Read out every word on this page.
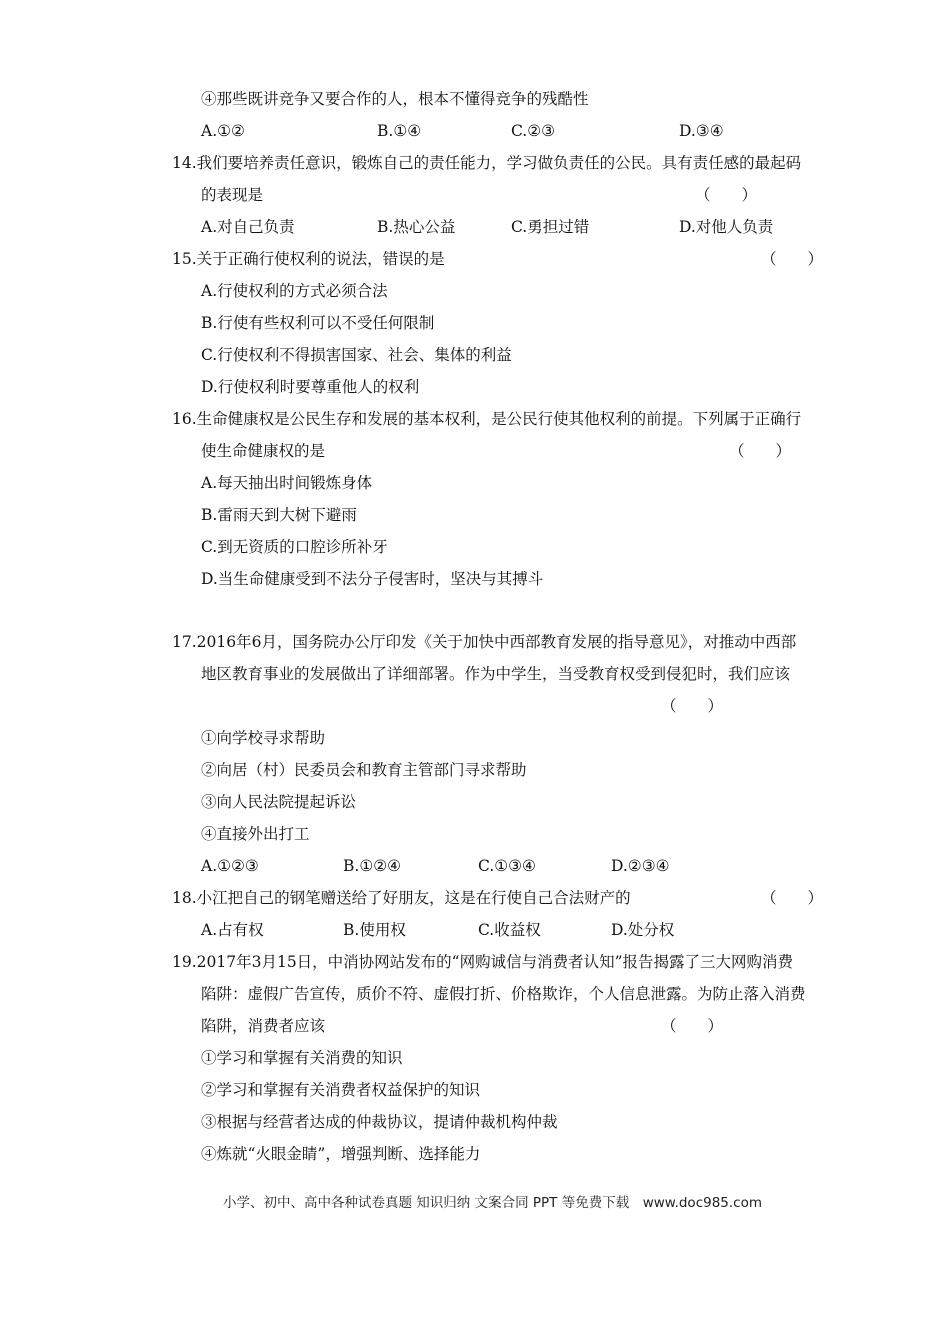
④那些既讲竞争又要合作的人，根本不懂得竞争的残酷性
A.①②	B.①④	C.②③	D.③④
14.我们要培养责任意识，锻炼自己的责任能力，学习做负责任的公民。具有责任感的最起码
的表现是	（　　）
A.对自己负责	B.热心公益	C.勇担过错	D.对他人负责
15.关于正确行使权利的说法，错误的是	（　　）
A.行使权利的方式必须合法
B.行使有些权利可以不受任何限制
C.行使权利不得损害国家、社会、集体的利益
D.行使权利时要尊重他人的权利
16.生命健康权是公民生存和发展的基本权利，是公民行使其他权利的前提。下列属于正确行
使生命健康权的是	（　　）
A.每天抽出时间锻炼身体
B.雷雨天到大树下避雨
C.到无资质的口腔诊所补牙
D.当生命健康受到不法分子侵害时，坚决与其搏斗
17.2016年6月，国务院办公厅印发《关于加快中西部教育发展的指导意见》，对推动中西部
地区教育事业的发展做出了详细部署。作为中学生，当受教育权受到侵犯时，我们应该
（　　）
①向学校寻求帮助
②向居（村）民委员会和教育主管部门寻求帮助
③向人民法院提起诉讼
④直接外出打工
A.①②③	B.①②④	C.①③④	D.②③④
18.小江把自己的钢笔赠送给了好朋友，这是在行使自己合法财产的	（　　）
A.占有权	B.使用权	C.收益权	D.处分权
19.2017年3月15日，中消协网站发布的“网购诚信与消费者认知”报告揭露了三大网购消费
陷阱：虚假广告宣传，质价不符、虚假打折、价格欺诈，个人信息泄露。为防止落入消费
陷阱，消费者应该	（　　）
①学习和掌握有关消费的知识
②学习和掌握有关消费者权益保护的知识
③根据与经营者达成的仲裁协议，提请仲裁机构仲裁
④炼就“火眼金睛”，增强判断、选择能力
小学、初中、高中各种试卷真题 知识归纳 文案合同 PPT 等免费下载　www.doc985.com
